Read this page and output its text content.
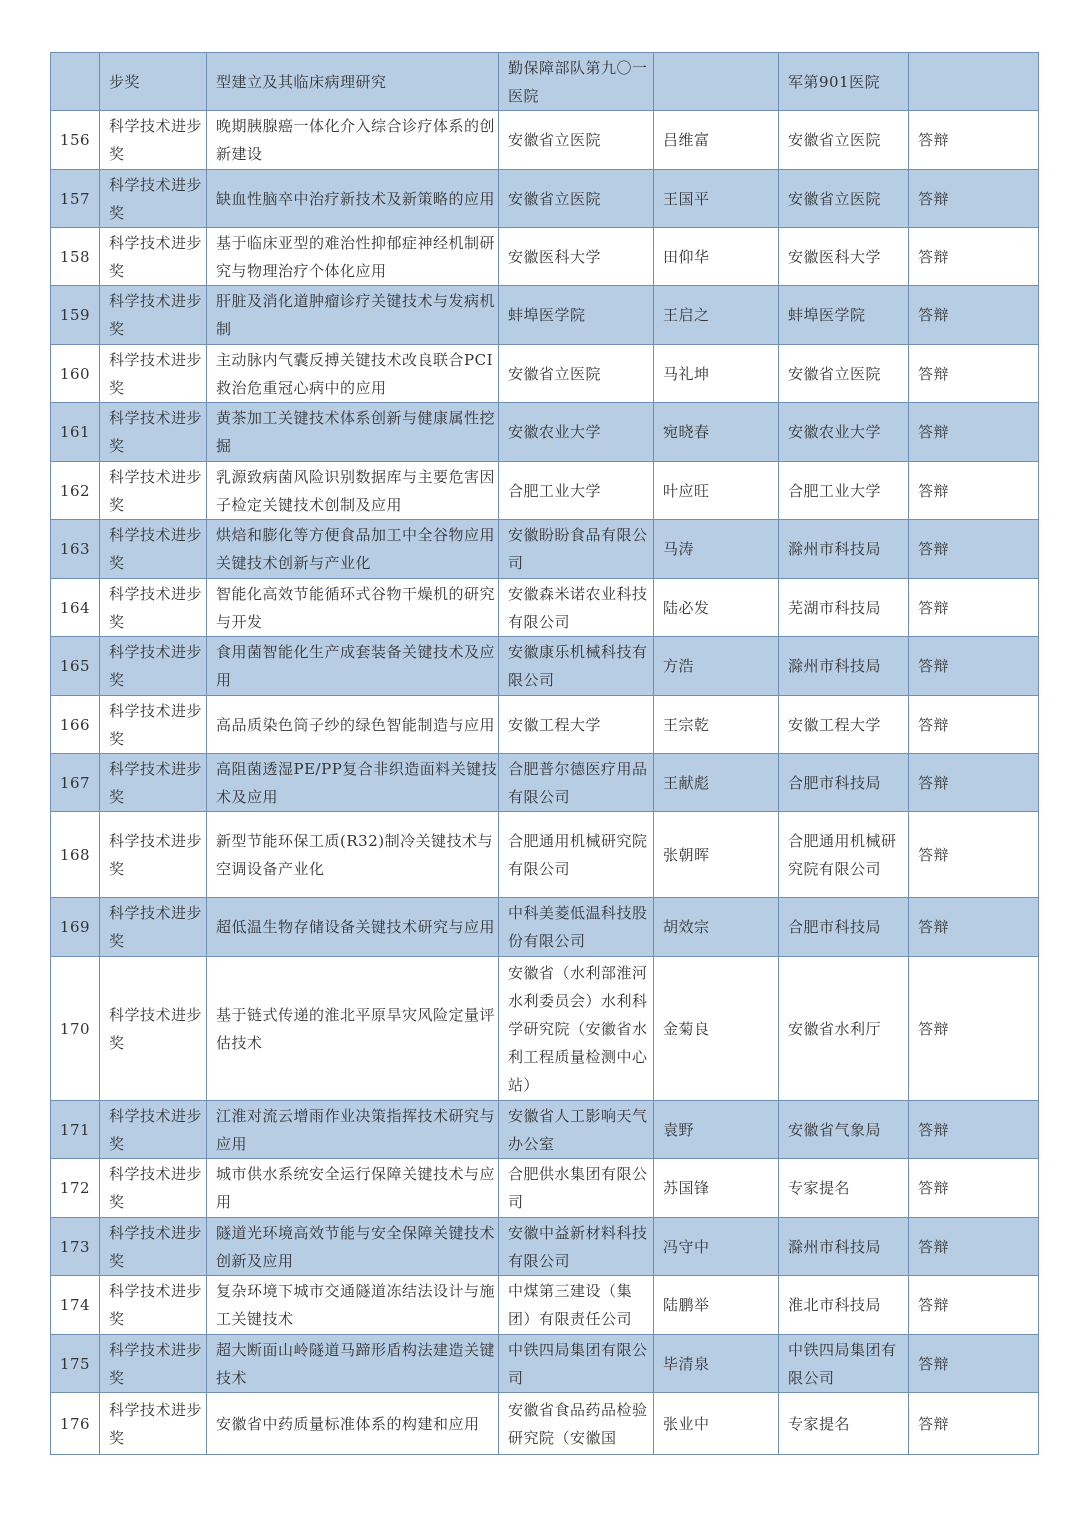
	步奖	型建立及其临床病理研究	勤保障部队第九〇一医院		军第901医院	
156	科学技术进步奖	晚期胰腺癌一体化介入综合诊疗体系的创新建设	安徽省立医院	吕维富	安徽省立医院	答辩
157	科学技术进步奖	缺血性脑卒中治疗新技术及新策略的应用	安徽省立医院	王国平	安徽省立医院	答辩
158	科学技术进步奖	基于临床亚型的难治性抑郁症神经机制研究与物理治疗个体化应用	安徽医科大学	田仰华	安徽医科大学	答辩
159	科学技术进步奖	肝脏及消化道肿瘤诊疗关键技术与发病机制	蚌埠医学院	王启之	蚌埠医学院	答辩
160	科学技术进步奖	主动脉内气囊反搏关键技术改良联合PCI救治危重冠心病中的应用	安徽省立医院	马礼坤	安徽省立医院	答辩
161	科学技术进步奖	黄茶加工关键技术体系创新与健康属性挖掘	安徽农业大学	宛晓春	安徽农业大学	答辩
162	科学技术进步奖	乳源致病菌风险识别数据库与主要危害因子检定关键技术创制及应用	合肥工业大学	叶应旺	合肥工业大学	答辩
163	科学技术进步奖	烘焙和膨化等方便食品加工中全谷物应用关键技术创新与产业化	安徽盼盼食品有限公司	马涛	滁州市科技局	答辩
164	科学技术进步奖	智能化高效节能循环式谷物干燥机的研究与开发	安徽森米诺农业科技有限公司	陆必发	芜湖市科技局	答辩
165	科学技术进步奖	食用菌智能化生产成套装备关键技术及应用	安徽康乐机械科技有限公司	方浩	滁州市科技局	答辩
166	科学技术进步奖	高品质染色筒子纱的绿色智能制造与应用	安徽工程大学	王宗乾	安徽工程大学	答辩
167	科学技术进步奖	高阻菌透湿PE/PP复合非织造面料关键技术及应用	合肥普尔德医疗用品有限公司	王献彪	合肥市科技局	答辩
168	科学技术进步奖	新型节能环保工质(R32)制冷关键技术与空调设备产业化	合肥通用机械研究院有限公司	张朝晖	合肥通用机械研究院有限公司	答辩
169	科学技术进步奖	超低温生物存储设备关键技术研究与应用	中科美菱低温科技股份有限公司	胡效宗	合肥市科技局	答辩
170	科学技术进步奖	基于链式传递的淮北平原旱灾风险定量评估技术	安徽省（水利部淮河水利委员会）水利科学研究院（安徽省水利工程质量检测中心站）	金菊良	安徽省水利厅	答辩
171	科学技术进步奖	江淮对流云增雨作业决策指挥技术研究与应用	安徽省人工影响天气办公室	袁野	安徽省气象局	答辩
172	科学技术进步奖	城市供水系统安全运行保障关键技术与应用	合肥供水集团有限公司	苏国锋	专家提名	答辩
173	科学技术进步奖	隧道光环境高效节能与安全保障关键技术创新及应用	安徽中益新材料科技有限公司	冯守中	滁州市科技局	答辩
174	科学技术进步奖	复杂环境下城市交通隧道冻结法设计与施工关键技术	中煤第三建设（集团）有限责任公司	陆鹏举	淮北市科技局	答辩
175	科学技术进步奖	超大断面山岭隧道马蹄形盾构法建造关键技术	中铁四局集团有限公司	毕清泉	中铁四局集团有限公司	答辩
176	科学技术进步奖	安徽省中药质量标准体系的构建和应用	安徽省食品药品检验研究院（安徽国	张业中	专家提名	答辩
